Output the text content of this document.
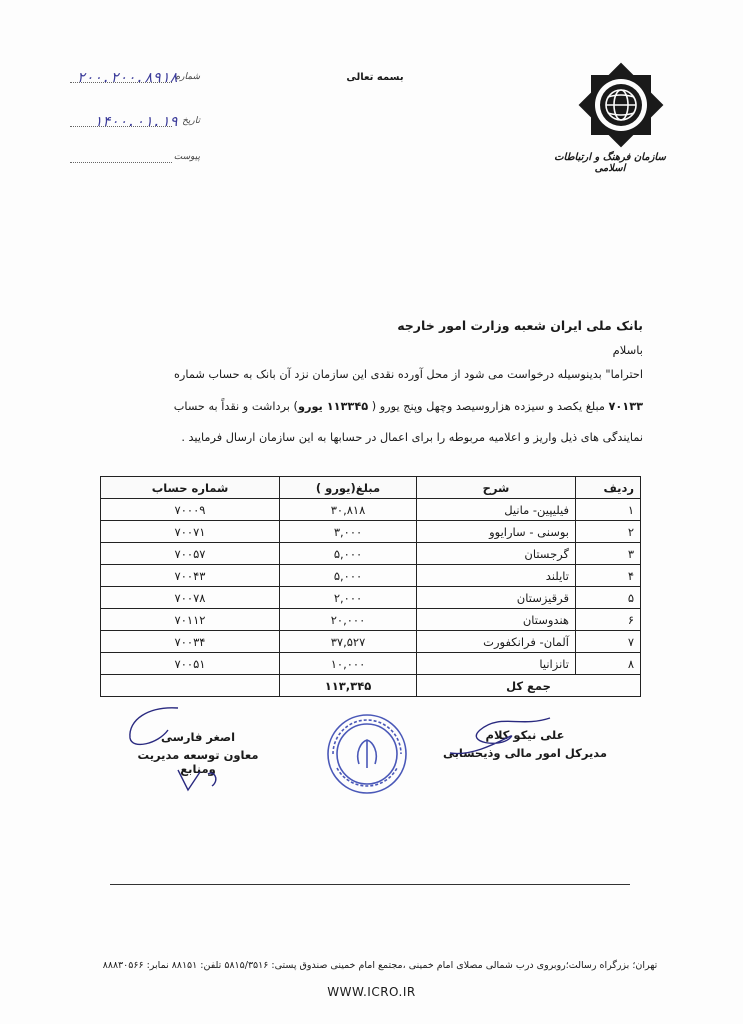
بسمه تعالی
سازمان فرهنگ و ارتباطات اسلامی
شماره
۲۰۰.۲۰۰.۸۹۱۸
تاریخ
۱۴۰۰.۰۱.۱۹
پیوست
بانک ملی ایران شعبه وزارت امور خارجه
باسلام
احتراما" بدینوسیله درخواست می شود از محل آورده نقدی این سازمان نزد آن بانک به حساب شماره
۷۰۱۳۳ مبلغ یکصد و سیزده هزاروسیصد وچهل وپنج یورو ( ۱۱۳۳۴۵ یورو) برداشت و نقداً به حساب
نمایندگی های ذیل واریز و اعلامیه مربوطه را برای اعمال در حسابها به این سازمان ارسال فرمایید .
ردیف	شرح	مبلغ(یورو )	شماره حساب
۱	فیلیپین- مانیل	۳۰,۸۱۸	۷۰۰۰۹
۲	بوسنی - سارایوو	۳,۰۰۰	۷۰۰۷۱
۳	گرجستان	۵,۰۰۰	۷۰۰۵۷
۴	تایلند	۵,۰۰۰	۷۰۰۴۳
۵	قرقیزستان	۲,۰۰۰	۷۰۰۷۸
۶	هندوستان	۲۰,۰۰۰	۷۰۱۱۲
۷	آلمان- فرانکفورت	۳۷,۵۲۷	۷۰۰۳۴
۸	تانزانیا	۱۰,۰۰۰	۷۰۰۵۱
جمع کل		۱۱۳,۳۴۵	
علی نیکو کلام
مدیرکل امور مالی وذیحسابی
اصغر فارسی
معاون توسعه مدیریت ومنابع
تهران؛ بزرگراه رسالت؛روبروی درب شمالی مصلای امام خمینی ،مجتمع امام خمینی صندوق پستی: ۵۸۱۵/۳۵۱۶ تلفن: ۸۸۱۵۱ نمابر: ۸۸۸۳۰۵۶۶
WWW.ICRO.IR
